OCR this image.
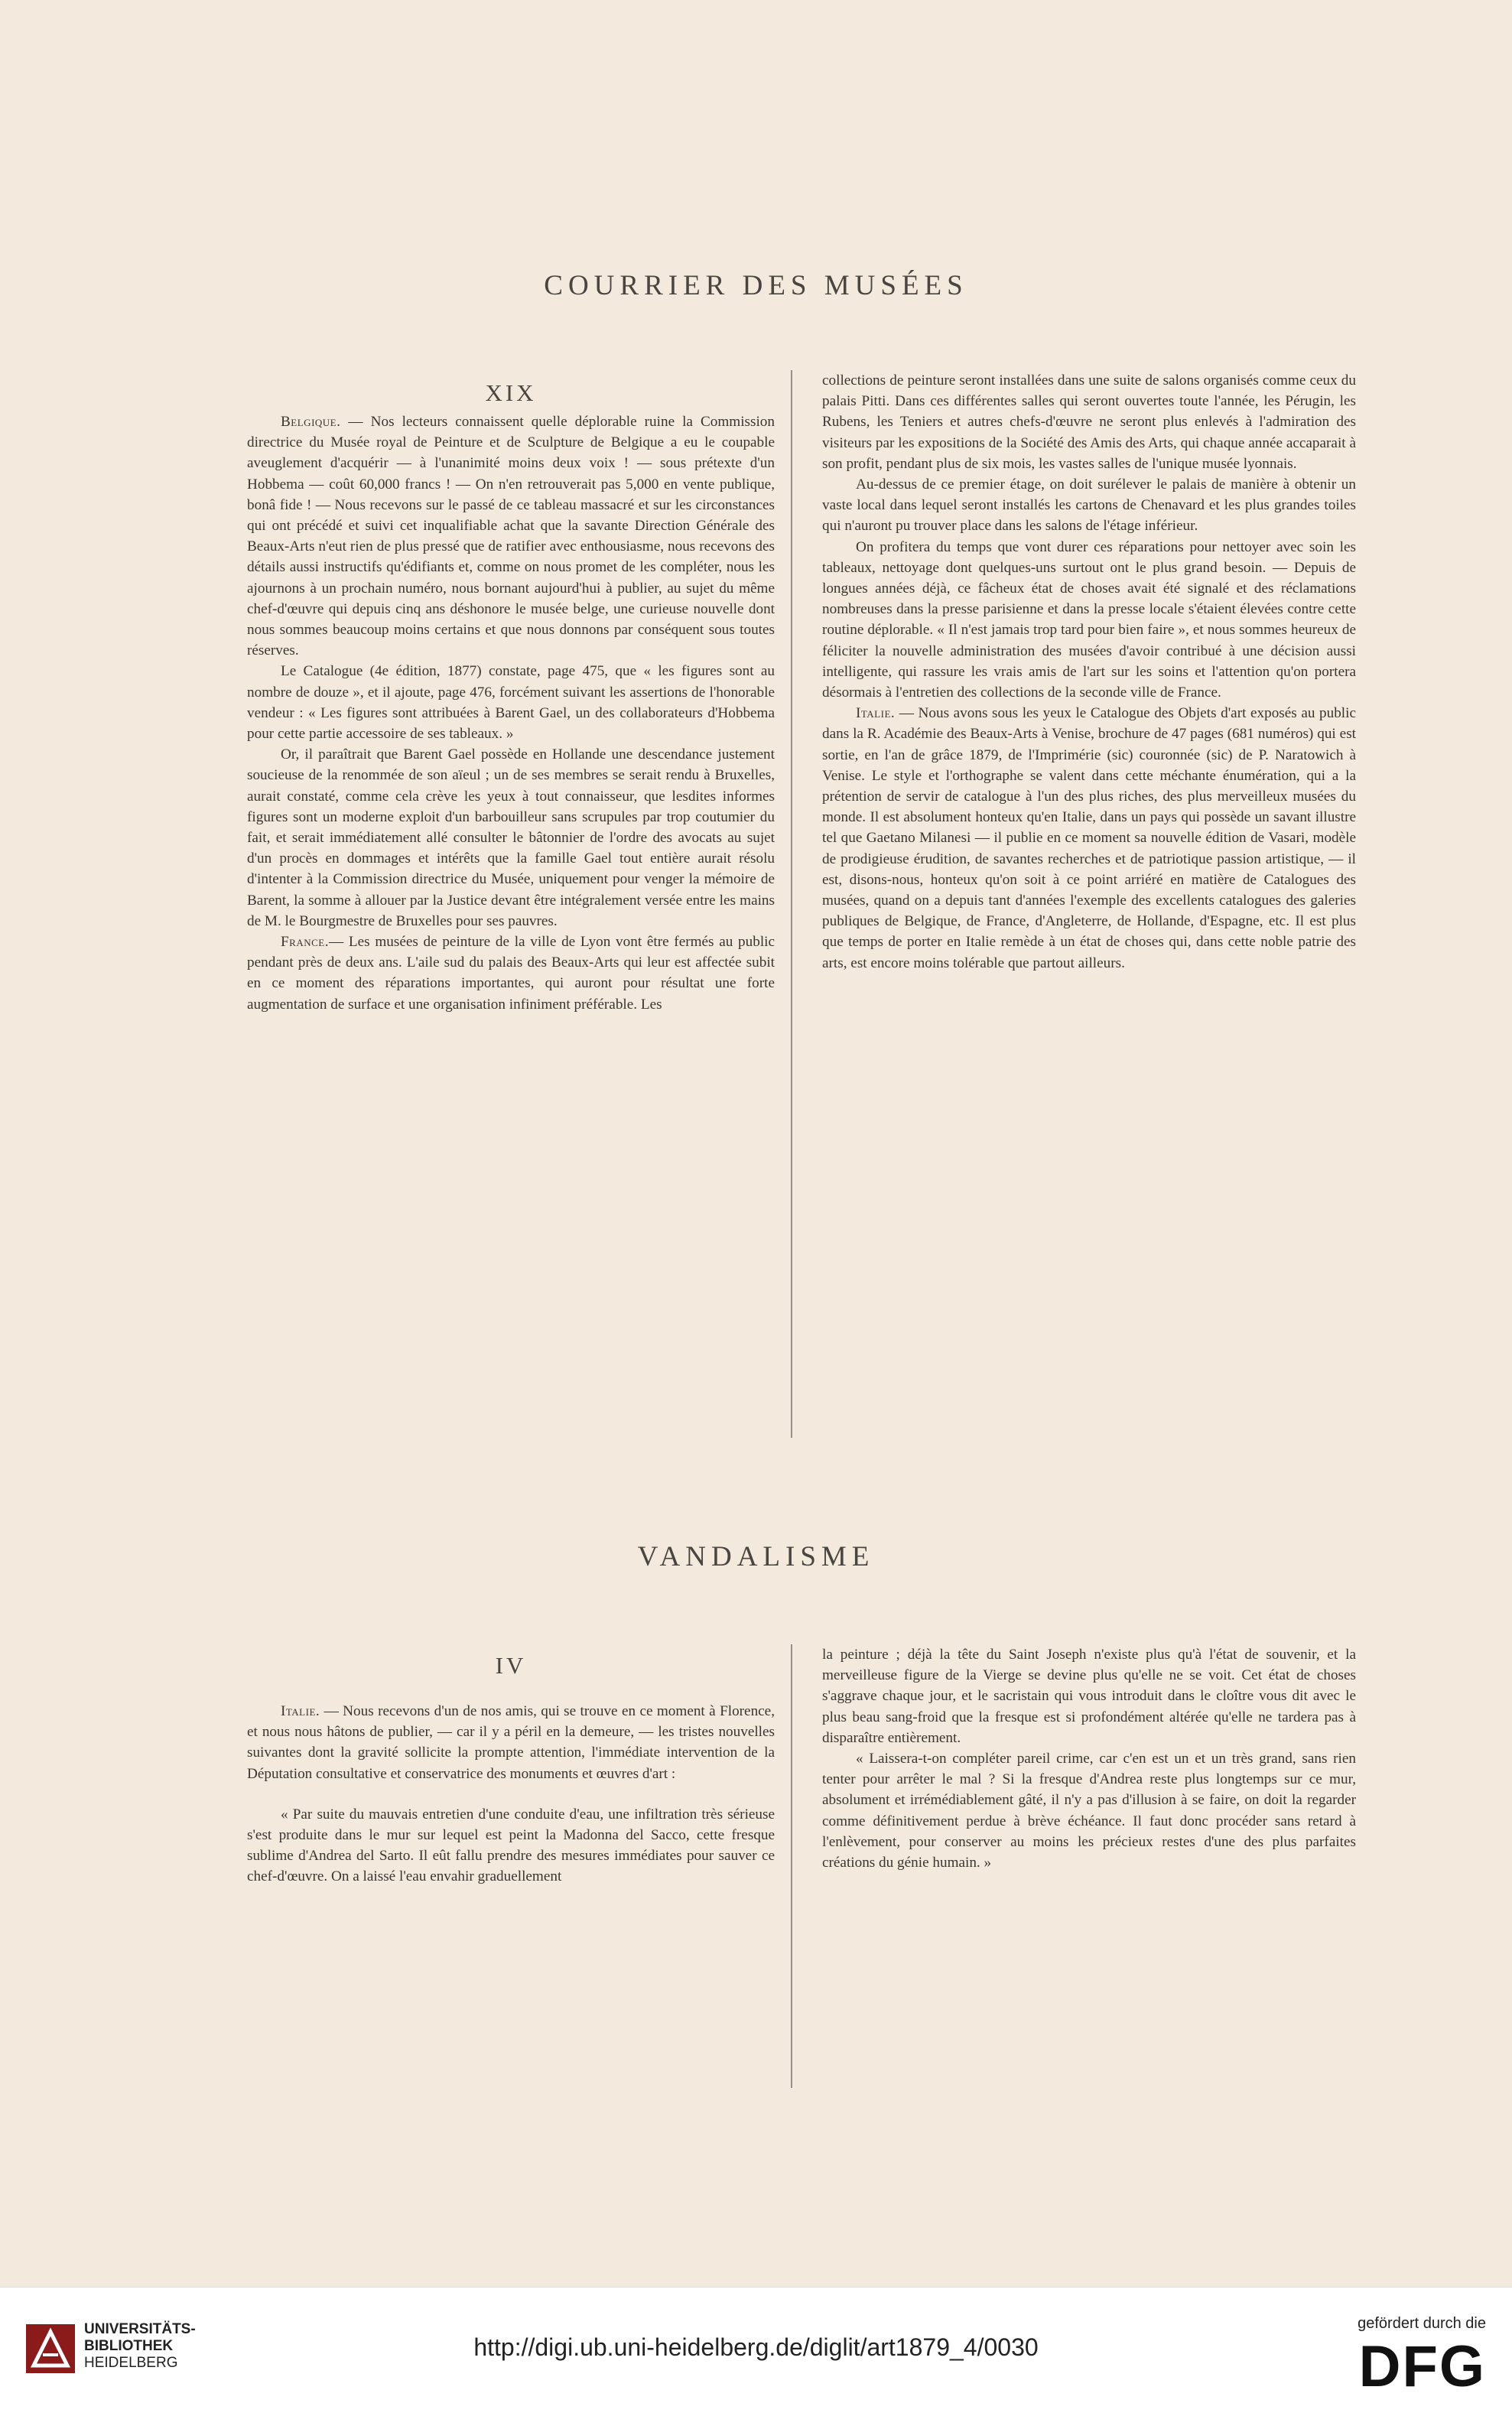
COURRIER DES MUSÉES
XIX

Belgique. — Nos lecteurs connaissent quelle déplorable ruine la Commission directrice du Musée royal de Peinture et de Sculpture de Belgique a eu le coupable aveuglement d'acquérir — à l'unanimité moins deux voix ! — sous prétexte d'un Hobbema — coût 60,000 francs ! — On n'en retrouverait pas 5,000 en vente publique, bonâ fide ! — Nous recevons sur le passé de ce tableau massacré et sur les circonstances qui ont précédé et suivi cet inqualifiable achat que la savante Direction Générale des Beaux-Arts n'eut rien de plus pressé que de ratifier avec enthousiasme, nous recevons des détails aussi instructifs qu'édifiants et, comme on nous promet de les compléter, nous les ajournons à un prochain numéro, nous bornant aujourd'hui à publier, au sujet du même chef-d'œuvre qui depuis cinq ans déshonore le musée belge, une curieuse nouvelle dont nous sommes beaucoup moins certains et que nous donnons par conséquent sous toutes réserves.

Le Catalogue (4e édition, 1877) constate, page 475, que « les figures sont au nombre de douze », et il ajoute, page 476, forcément suivant les assertions de l'honorable vendeur : « Les figures sont attribuées à Barent Gael, un des collaborateurs d'Hobbema pour cette partie accessoire de ses tableaux. »

Or, il paraîtrait que Barent Gael possède en Hollande une descendance justement soucieuse de la renommée de son aïeul ; un de ses membres se serait rendu à Bruxelles, aurait constaté, comme cela crève les yeux à tout connaisseur, que lesdites informes figures sont un moderne exploit d'un barbouilleur sans scrupules par trop coutumier du fait, et serait immédiatement allé consulter le bâtonnier de l'ordre des avocats au sujet d'un procès en dommages et intérêts que la famille Gael tout entière aurait résolu d'intenter à la Commission directrice du Musée, uniquement pour venger la mémoire de Barent, la somme à allouer par la Justice devant être intégralement versée entre les mains de M. le Bourgmestre de Bruxelles pour ses pauvres.

France.— Les musées de peinture de la ville de Lyon vont être fermés au public pendant près de deux ans. L'aile sud du palais des Beaux-Arts qui leur est affectée subit en ce moment des réparations importantes, qui auront pour résultat une forte augmentation de surface et une organisation infiniment préférable. Les

collections de peinture seront installées dans une suite de salons organisés comme ceux du palais Pitti. Dans ces différentes salles qui seront ouvertes toute l'année, les Pérugin, les Rubens, les Teniers et autres chefs-d'œuvre ne seront plus enlevés à l'admiration des visiteurs par les expositions de la Société des Amis des Arts, qui chaque année accaparait à son profit, pendant plus de six mois, les vastes salles de l'unique musée lyonnais.

Au-dessus de ce premier étage, on doit surélever le palais de manière à obtenir un vaste local dans lequel seront installés les cartons de Chenavard et les plus grandes toiles qui n'auront pu trouver place dans les salons de l'étage inférieur.

On profitera du temps que vont durer ces réparations pour nettoyer avec soin les tableaux, nettoyage dont quelques-uns surtout ont le plus grand besoin. — Depuis de longues années déjà, ce fâcheux état de choses avait été signalé et des réclamations nombreuses dans la presse parisienne et dans la presse locale s'étaient élevées contre cette routine déplorable. « Il n'est jamais trop tard pour bien faire », et nous sommes heureux de féliciter la nouvelle administration des musées d'avoir contribué à une décision aussi intelligente, qui rassure les vrais amis de l'art sur les soins et l'attention qu'on portera désormais à l'entretien des collections de la seconde ville de France.

Italie. — Nous avons sous les yeux le Catalogue des Objets d'art exposés au public dans la R. Académie des Beaux-Arts à Venise, brochure de 47 pages (681 numéros) qui est sortie, en l'an de grâce 1879, de l'Imprimérie (sic) couronnée (sic) de P. Naratowich à Venise. Le style et l'orthographe se valent dans cette méchante énumération, qui a la prétention de servir de catalogue à l'un des plus riches, des plus merveilleux musées du monde. Il est absolument honteux qu'en Italie, dans un pays qui possède un savant illustre tel que Gaetano Milanesi — il publie en ce moment sa nouvelle édition de Vasari, modèle de prodigieuse érudition, de savantes recherches et de patriotique passion artistique, — il est, disons-nous, honteux qu'on soit à ce point arriéré en matière de Catalogues des musées, quand on a depuis tant d'années l'exemple des excellents catalogues des galeries publiques de Belgique, de France, d'Angleterre, de Hollande, d'Espagne, etc. Il est plus que temps de porter en Italie remède à un état de choses qui, dans cette noble patrie des arts, est encore moins tolérable que partout ailleurs.

VANDALISME
IV

Italie. — Nous recevons d'un de nos amis, qui se trouve en ce moment à Florence, et nous nous hâtons de publier, — car il y a péril en la demeure, — les tristes nouvelles suivantes dont la gravité sollicite la prompte attention, l'immédiate intervention de la Députation consultative et conservatrice des monuments et œuvres d'art :

« Par suite du mauvais entretien d'une conduite d'eau, une infiltration très sérieuse s'est produite dans le mur sur lequel est peint la Madonna del Sacco, cette fresque sublime d'Andrea del Sarto. Il eût fallu prendre des mesures immédiates pour sauver ce chef-d'œuvre. On a laissé l'eau envahir graduellement

la peinture ; déjà la tête du Saint Joseph n'existe plus qu'à l'état de souvenir, et la merveilleuse figure de la Vierge se devine plus qu'elle ne se voit. Cet état de choses s'aggrave chaque jour, et le sacristain qui vous introduit dans le cloître vous dit avec le plus beau sang-froid que la fresque est si profondément altérée qu'elle ne tardera pas à disparaître entièrement.

« Laissera-t-on compléter pareil crime, car c'en est un et un très grand, sans rien tenter pour arrêter le mal ? Si la fresque d'Andrea reste plus longtemps sur ce mur, absolument et irrémédiablement gâté, il n'y a pas d'illusion à se faire, on doit la regarder comme définitivement perdue à brève échéance. Il faut donc procéder sans retard à l'enlèvement, pour conserver au moins les précieux restes d'une des plus parfaites créations du génie humain. »

UNIVERSITÄTS-
BIBLIOTHEK
HEIDELBERG
http://digi.ub.uni-heidelberg.de/diglit/art1879_4/0030
gefördert durch die
DFG
